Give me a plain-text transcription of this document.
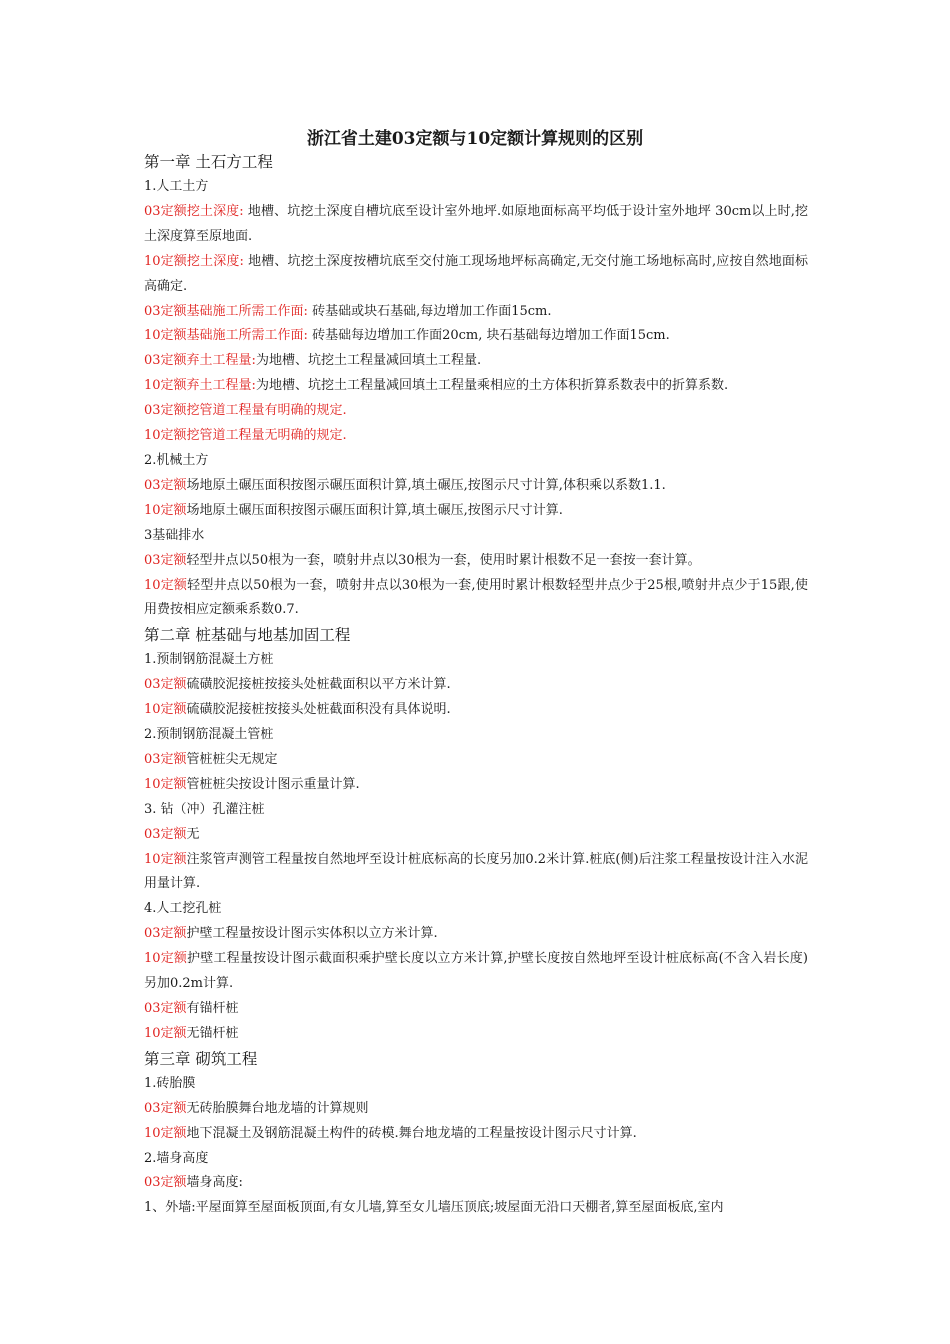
浙江省土建03定额与10定额计算规则的区别
第一章 土石方工程
1.人工土方
03定额挖土深度: 地槽、坑挖土深度自槽坑底至设计室外地坪.如原地面标高平均低于设计室外地坪 30cm以上时,挖土深度算至原地面.
10定额挖土深度: 地槽、坑挖土深度按槽坑底至交付施工现场地坪标高确定,无交付施工场地标高时,应按自然地面标高确定.
03定额基础施工所需工作面: 砖基础或块石基础,每边增加工作面15cm.
10定额基础施工所需工作面: 砖基础每边增加工作面20cm, 块石基础每边增加工作面15cm.
03定额弃土工程量:为地槽、坑挖土工程量减回填土工程量.
10定额弃土工程量:为地槽、坑挖土工程量减回填土工程量乘相应的土方体积折算系数表中的折算系数.
03定额挖管道工程量有明确的规定.
10定额挖管道工程量无明确的规定.
2.机械土方
03定额场地原土碾压面积按图示碾压面积计算,填土碾压,按图示尺寸计算,体积乘以系数1.1.
10定额场地原土碾压面积按图示碾压面积计算,填土碾压,按图示尺寸计算.
3基础排水
03定额轻型井点以50根为一套，喷射井点以30根为一套，使用时累计根数不足一套按一套计算。
10定额轻型井点以50根为一套，喷射井点以30根为一套,使用时累计根数轻型井点少于25根,喷射井点少于15跟,使用费按相应定额乘系数0.7.
第二章 桩基础与地基加固工程
1.预制钢筋混凝土方桩
03定额硫磺胶泥接桩按接头处桩截面积以平方米计算.
10定额硫磺胶泥接桩按接头处桩截面积没有具体说明.
2.预制钢筋混凝土管桩
03定额管桩桩尖无规定
10定额管桩桩尖按设计图示重量计算.
3. 钻（冲）孔灌注桩
03定额无
10定额注浆管声测管工程量按自然地坪至设计桩底标高的长度另加0.2米计算.桩底(侧)后注浆工程量按设计注入水泥用量计算.
4.人工挖孔桩
03定额护壁工程量按设计图示实体积以立方米计算.
10定额护壁工程量按设计图示截面积乘护壁长度以立方米计算,护壁长度按自然地坪至设计桩底标高(不含入岩长度)另加0.2m计算.
03定额有锚杆桩
10定额无锚杆桩
第三章 砌筑工程
1.砖胎膜
03定额无砖胎膜舞台地龙墙的计算规则
10定额地下混凝土及钢筋混凝土构件的砖模.舞台地龙墙的工程量按设计图示尺寸计算.
2.墙身高度
03定额墙身高度:
1、外墙:平屋面算至屋面板顶面,有女儿墙,算至女儿墙压顶底;坡屋面无沿口天棚者,算至屋面板底,室内
